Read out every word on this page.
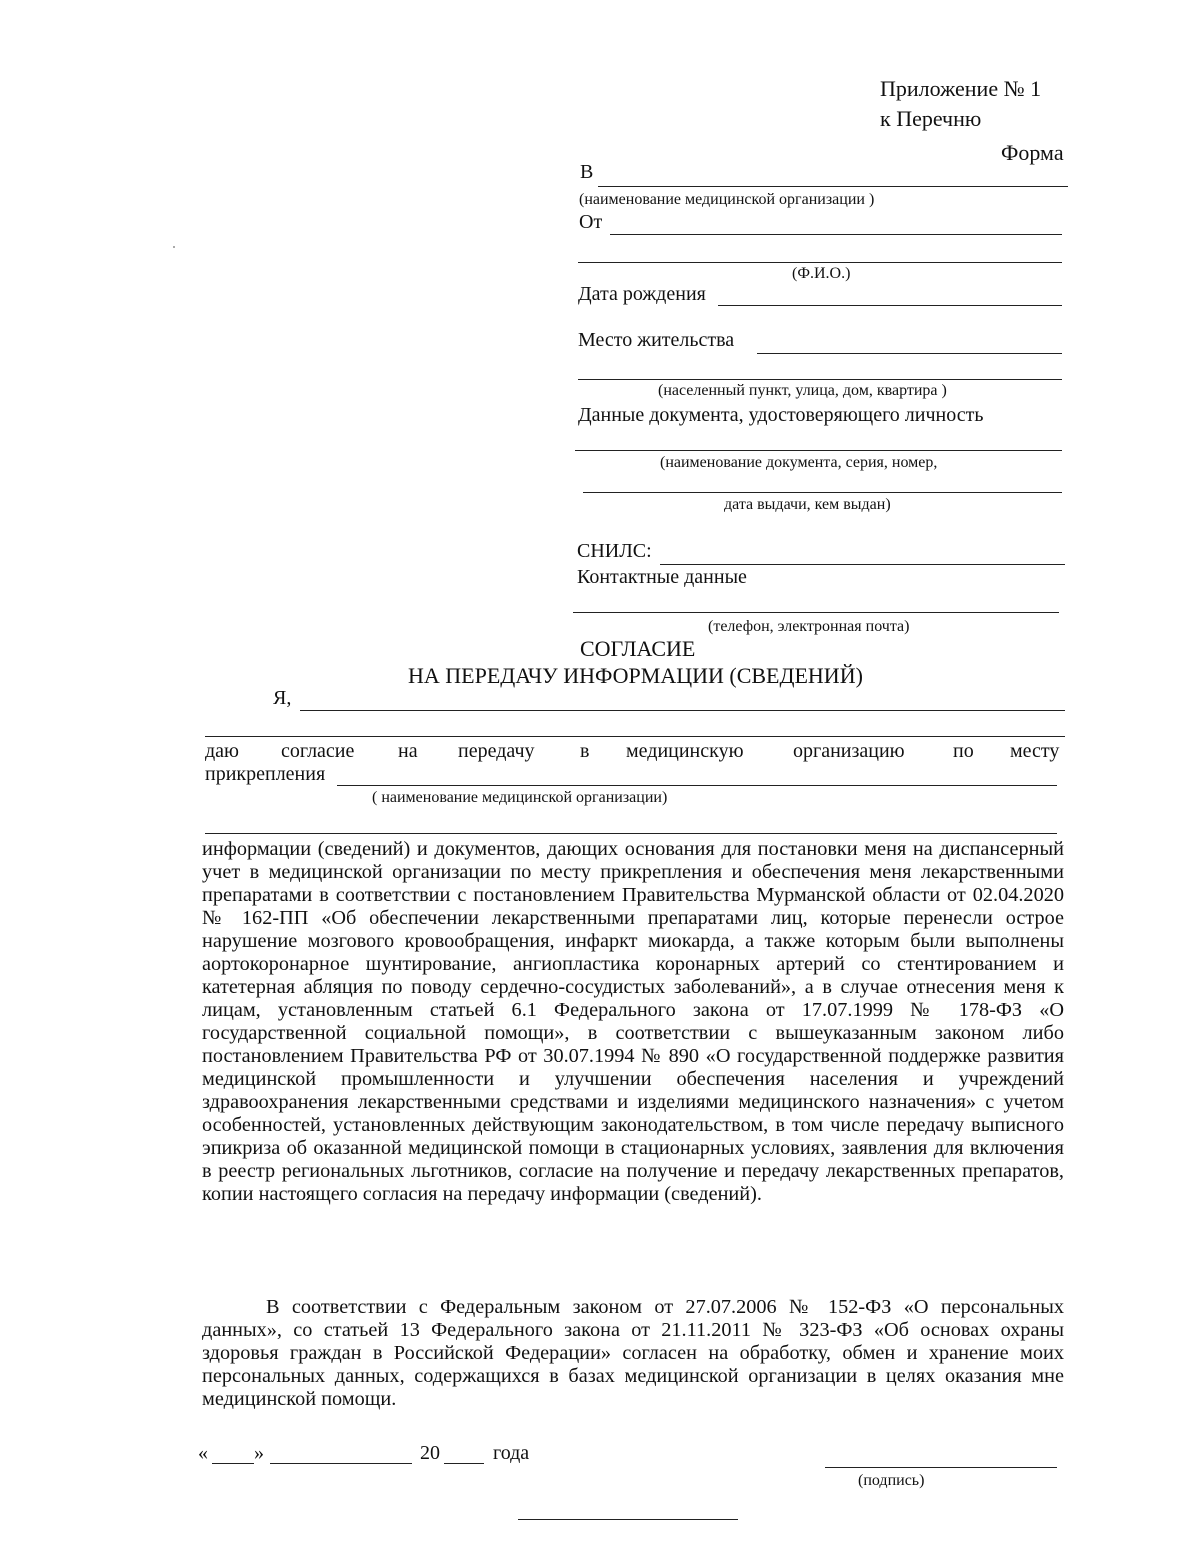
Приложение № 1
к Перечню
Форма
В
(наименование медицинской организации )
От
(Ф.И.О.)
Дата рождения
Место жительства
(населенный пункт, улица, дом, квартира )
Данные документа, удостоверяющего личность
(наименование документа, серия, номер,
дата выдачи, кем выдан)
СНИЛС:
Контактные данные
(телефон, электронная почта)
СОГЛАСИЕ
НА ПЕРЕДАЧУ ИНФОРМАЦИИ (СВЕДЕНИЙ)
Я,
даю согласие на передачу в медицинскую организацию по месту
прикрепления
( наименование медицинской организации)
информации (сведений) и документов, дающих основания для постановки меня на диспансерный учет в медицинской организации по месту прикрепления и обеспечения меня лекарственными препаратами в соответствии с постановлением Правительства Мурманской области от 02.04.2020 № 162-ПП «Об обеспечении лекарственными препаратами лиц, которые перенесли острое нарушение мозгового кровообращения, инфаркт миокарда, а также которым были выполнены аортокоронарное шунтирование, ангиопластика коронарных артерий со стентированием и катетерная абляция по поводу сердечно-сосудистых заболеваний», а в случае отнесения меня к лицам, установленным статьей 6.1 Федерального закона от 17.07.1999 № 178-ФЗ «О государственной социальной помощи», в соответствии с вышеуказанным законом либо постановлением Правительства РФ от 30.07.1994 № 890 «О государственной поддержке развития медицинской промышленности и улучшении обеспечения населения и учреждений здравоохранения лекарственными средствами и изделиями медицинского назначения» с учетом особенностей, установленных действующим законодательством, в том числе передачу выписного эпикриза об оказанной медицинской помощи в стационарных условиях, заявления для включения в реестр региональных льготников, согласие на получение и передачу лекарственных препаратов, копии настоящего согласия на передачу информации (сведений).
В соответствии с Федеральным законом от 27.07.2006 № 152-ФЗ «О персональных данных», со статьей 13 Федерального закона от 21.11.2011 № 323-ФЗ «Об основах охраны здоровья граждан в Российской Федерации» согласен на обработку, обмен и хранение моих персональных данных, содержащихся в базах медицинской организации в целях оказания мне медицинской помощи.
« »	20	года
(подпись)
